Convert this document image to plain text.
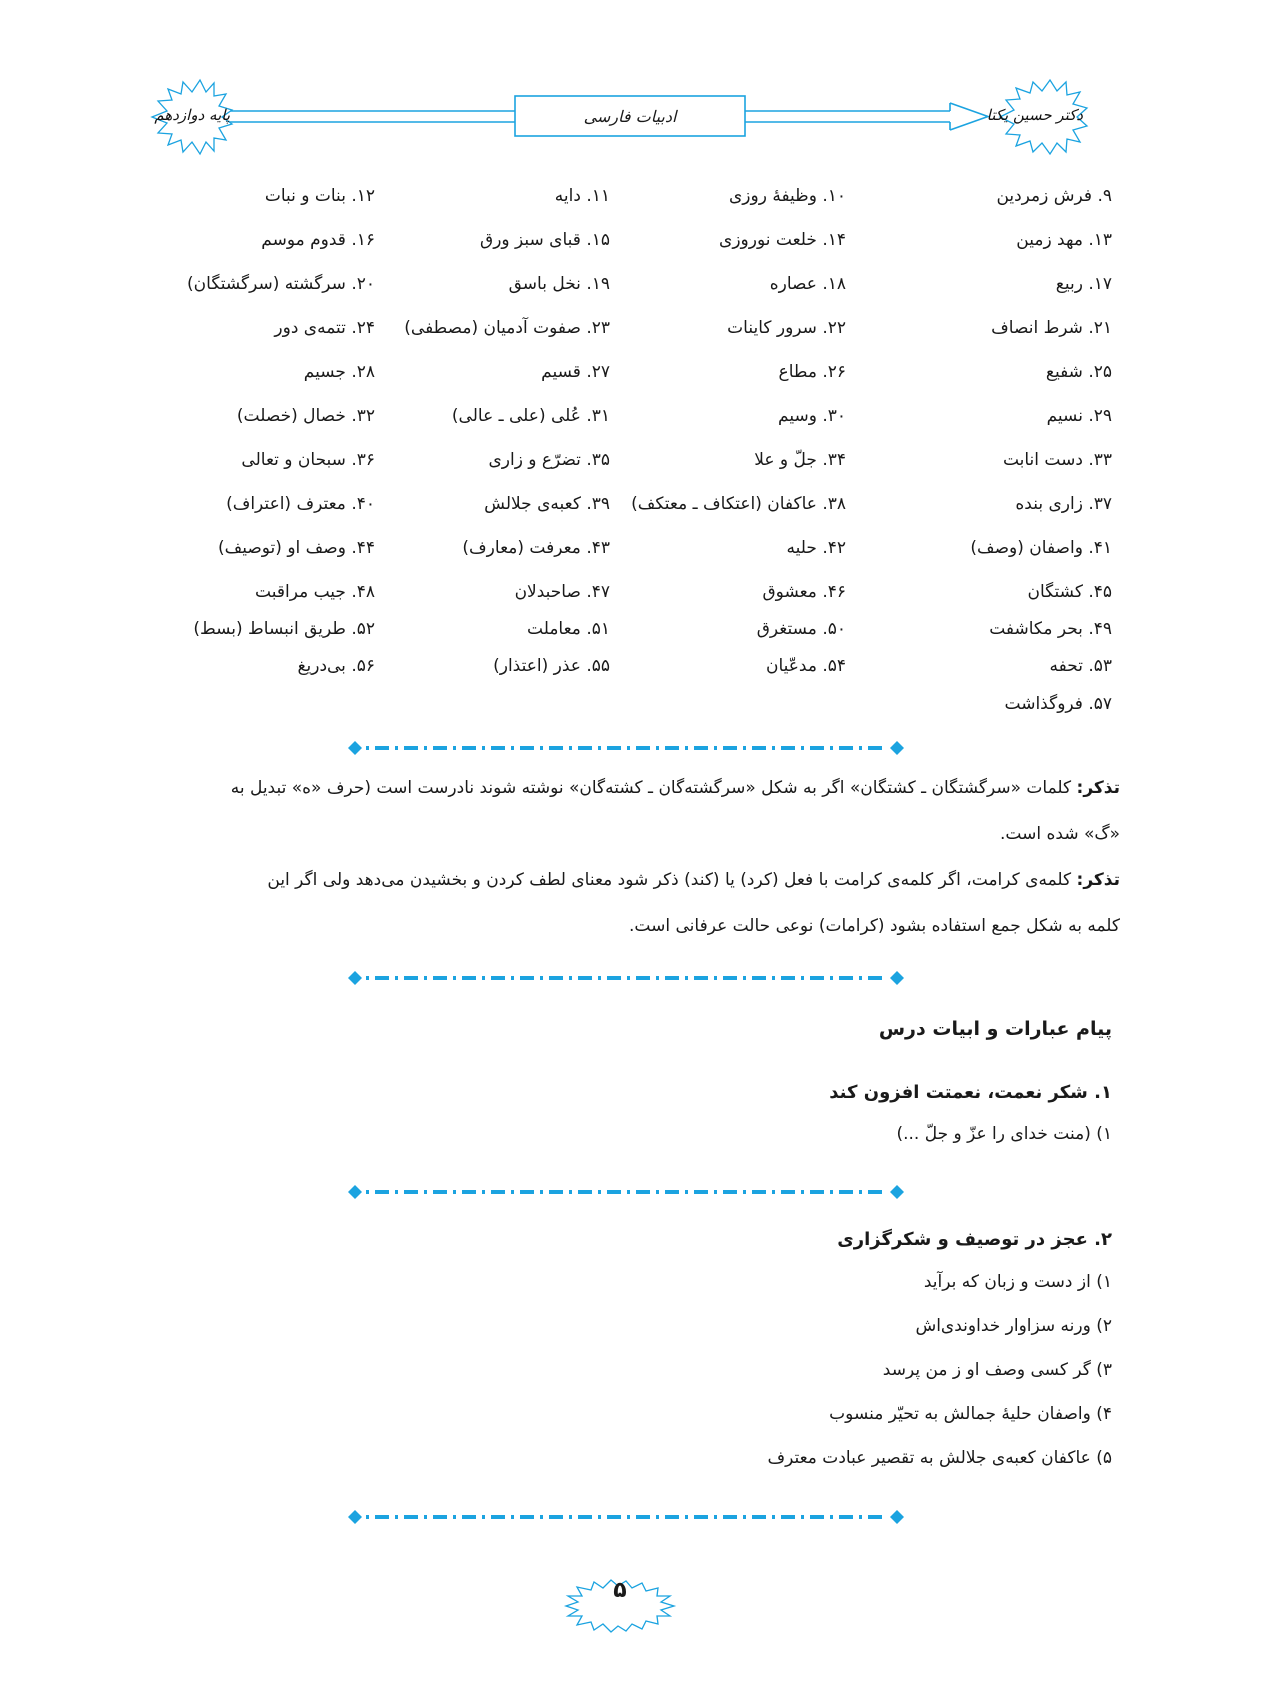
پایه دوازدهم	ادبیات فارسی	دکتر حسین یکتا
۹. فرش زمردین
۱۰. وظیفهٔ روزی
۱۱. دایه
۱۲. بنات و نبات
۱۳. مهد زمین
۱۴. خلعت نوروزی
۱۵. قبای سبز ورق
۱۶. قدوم موسم
۱۷. ربیع
۱۸. عصاره
۱۹. نخل باسق
۲۰. سرگشته (سرگشتگان)
۲۱. شرط انصاف
۲۲. سرور کاینات
۲۳. صفوت آدمیان (مصطفی)
۲۴. تتمه‌ی دور
۲۵. شفیع
۲۶. مطاع
۲۷. قسیم
۲۸. جسیم
۲۹. نسیم
۳۰. وسیم
۳۱. عُلی (علی ـ عالی)
۳۲. خصال (خصلت)
۳۳. دست انابت
۳۴. جلّ و علا
۳۵. تضرّع و زاری
۳۶. سبحان و تعالی
۳۷. زاری بنده
۳۸. عاکفان (اعتکاف ـ معتکف)
۳۹. کعبه‌ی جلالش
۴۰. معترف (اعتراف)
۴۱. واصفان (وصف)
۴۲. حلیه
۴۳. معرفت (معارف)
۴۴. وصف او (توصیف)
۴۵. کشتگان
۴۶. معشوق
۴۷. صاحبدلان
۴۸. جیب مراقبت
۴۹. بحر مکاشفت
۵۰. مستغرق
۵۱. معاملت
۵۲. طریق انبساط (بسط)
۵۳. تحفه
۵۴. مدعّیان
۵۵. عذر (اعتذار)
۵۶. بی‌دریغ
۵۷. فروگذاشت
تذکر: کلمات «سرگشتگان ـ کشتگان» اگر به شکل «سرگشته‌گان ـ کشته‌گان» نوشته شوند نادرست است (حرف «ه» تبدیل به
«گ» شده است.
تذکر: کلمه‌ی کرامت، اگر کلمه‌ی کرامت با فعل (کرد) یا (کند) ذکر شود معنای لطف کردن و بخشیدن می‌دهد ولی اگر این
کلمه به شکل جمع استفاده بشود (کرامات) نوعی حالت عرفانی است.
پیام عبارات و ابیات درس
۱. شکر نعمت، نعمتت افزون کند
۱) (منت خدای را عزّ و جلّ ...)
۲. عجز در توصیف و شکرگزاری
۱) از دست و زبان که برآید
۲) ورنه سزاوار خداوندی‌اش
۳) گر کسی وصف او ز من پرسد
۴) واصفان حلیهٔ جمالش به تحیّر منسوب
۵) عاکفان کعبه‌ی جلالش به تقصیر عبادت معترف
۵
